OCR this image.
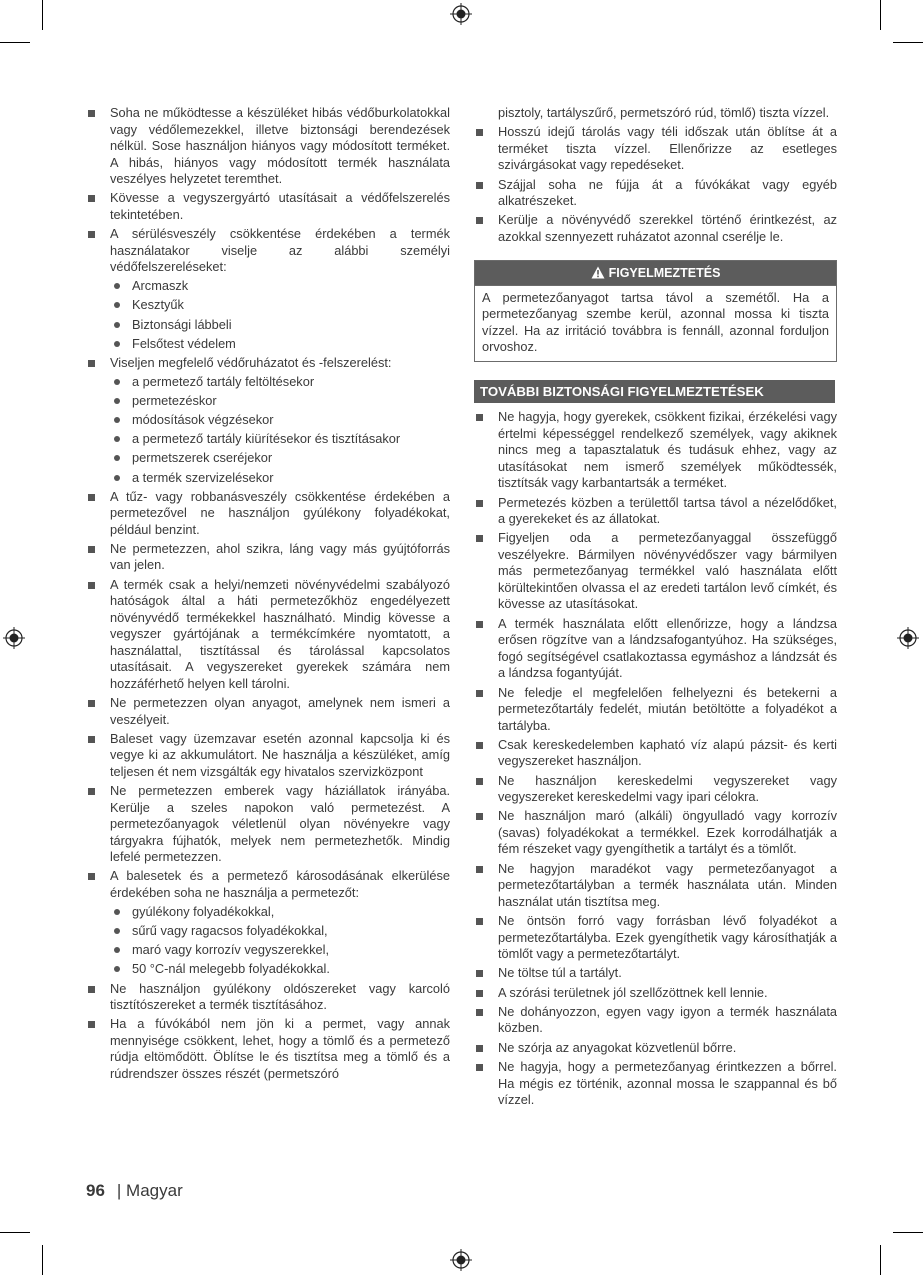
Soha ne működtesse a készüléket hibás védőburkolatokkal vagy védőlemezekkel, illetve biztonsági berendezések nélkül. Sose használjon hiányos vagy módosított terméket. A hibás, hiányos vagy módosított termék használata veszélyes helyzetet teremthet.
Kövesse a vegyszergyártó utasításait a védőfelszerelés tekintetében.
A sérülésveszély csökkentése érdekében a termék használatakor viselje az alábbi személyi védőfelszereléseket:
Arcmaszk
Kesztyűk
Biztonsági lábbeli
Felsőtest védelem
Viseljen megfelelő védőruházatot és -felszerelést:
a permetező tartály feltöltésekor
permetezéskor
módosítások végzésekor
a permetező tartály kiürítésekor és tisztításakor
permetszerek cseréjekor
a termék szervizelésekor
A tűz- vagy robbanásveszély csökkentése érdekében a permetezővel ne használjon gyúlékony folyadékokat, például benzint.
Ne permetezzen, ahol szikra, láng vagy más gyújtóforrás van jelen.
A termék csak a helyi/nemzeti növényvédelmi szabályozó hatóságok által a háti permetezőkhöz engedélyezett növényvédő termékekkel használható. Mindig kövesse a vegyszer gyártójának a termékcímkére nyomtatott, a használattal, tisztítással és tárolással kapcsolatos utasításait. A vegyszereket gyerekek számára nem hozzáférhető helyen kell tárolni.
Ne permetezzen olyan anyagot, amelynek nem ismeri a veszélyeit.
Baleset vagy üzemzavar esetén azonnal kapcsolja ki és vegye ki az akkumulátort. Ne használja a készüléket, amíg teljesen ét nem vizsgálták egy hivatalos szervizközpont
Ne permetezzen emberek vagy háziállatok irányába. Kerülje a szeles napokon való permetezést. A permetezőanyagok véletlenül olyan növényekre vagy tárgyakra fújhatók, melyek nem permetezhetők. Mindig lefelé permetezzen.
A balesetek és a permetező károsodásának elkerülése érdekében soha ne használja a permetezőt:
gyúlékony folyadékokkal,
sűrű vagy ragacsos folyadékokkal,
maró vagy korrozív vegyszerekkel,
50 °C-nál melegebb folyadékokkal.
Ne használjon gyúlékony oldószereket vagy karcoló tisztítószereket a termék tisztításához.
Ha a fúvókából nem jön ki a permet, vagy annak mennyisége csökkent, lehet, hogy a tömlő és a permetező rúdja eltömődött. Öblítse le és tisztítsa meg a tömlő és a rúdrendszer összes részét (permetszóró
pisztoly, tartályszűrő, permetszóró rúd, tömlő) tiszta vízzel.
Hosszú idejű tárolás vagy téli időszak után öblítse át a terméket tiszta vízzel. Ellenőrizze az esetleges szivárgásokat vagy repedéseket.
Szájjal soha ne fújja át a fúvókákat vagy egyéb alkatrészeket.
Kerülje a növényvédő szerekkel történő érintkezést, az azokkal szennyezett ruházatot azonnal cserélje le.
FIGYELMEZTETÉS
A permetezőanyagot tartsa távol a szemétől. Ha a permetezőanyag szembe kerül, azonnal mossa ki tiszta vízzel. Ha az irritáció továbbra is fennáll, azonnal forduljon orvoshoz.
TOVÁBBI BIZTONSÁGI FIGYELMEZTETÉSEK
Ne hagyja, hogy gyerekek, csökkent fizikai, érzékelési vagy értelmi képességgel rendelkező személyek, vagy akiknek nincs meg a tapasztalatuk és tudásuk ehhez, vagy az utasításokat nem ismerő személyek működtessék, tisztítsák vagy karbantartsák a terméket.
Permetezés közben a területtől tartsa távol a nézelődőket, a gyerekeket és az állatokat.
Figyeljen oda a permetezőanyaggal összefüggő veszélyekre. Bármilyen növényvédőszer vagy bármilyen más permetezőanyag termékkel való használata előtt körültekintően olvassa el az eredeti tartálon levő címkét, és kövesse az utasításokat.
A termék használata előtt ellenőrizze, hogy a lándzsa erősen rögzítve van a lándzsafogantyúhoz. Ha szükséges, fogó segítségével csatlakoztassa egymáshoz a lándzsát és a lándzsa fogantyúját.
Ne feledje el megfelelően felhelyezni és betekerni a permetezőtartály fedelét, miután betöltötte a folyadékot a tartályba.
Csak kereskedelemben kapható víz alapú pázsit- és kerti vegyszereket használjon.
Ne használjon kereskedelmi vegyszereket vagy vegyszereket kereskedelmi vagy ipari célokra.
Ne használjon maró (alkáli) öngyulladó vagy korrozív (savas) folyadékokat a termékkel. Ezek korrodálhatják a fém részeket vagy gyengíthetik a tartályt és a tömlőt.
Ne hagyjon maradékot vagy permetezőanyagot a permetezőtartályban a termék használata után. Minden használat után tisztítsa meg.
Ne öntsön forró vagy forrásban lévő folyadékot a permetezőtartályba. Ezek gyengíthetik vagy károsíthatják a tömlőt vagy a permetezőtartályt.
Ne töltse túl a tartályt.
A szórási területnek jól szellőzöttnek kell lennie.
Ne dohányozzon, egyen vagy igyon a termék használata közben.
Ne szórja az anyagokat közvetlenül bőrre.
Ne hagyja, hogy a permetezőanyag érintkezzen a bőrrel. Ha mégis ez történik, azonnal mossa le szappannal és bő vízzel.
96 | Magyar
